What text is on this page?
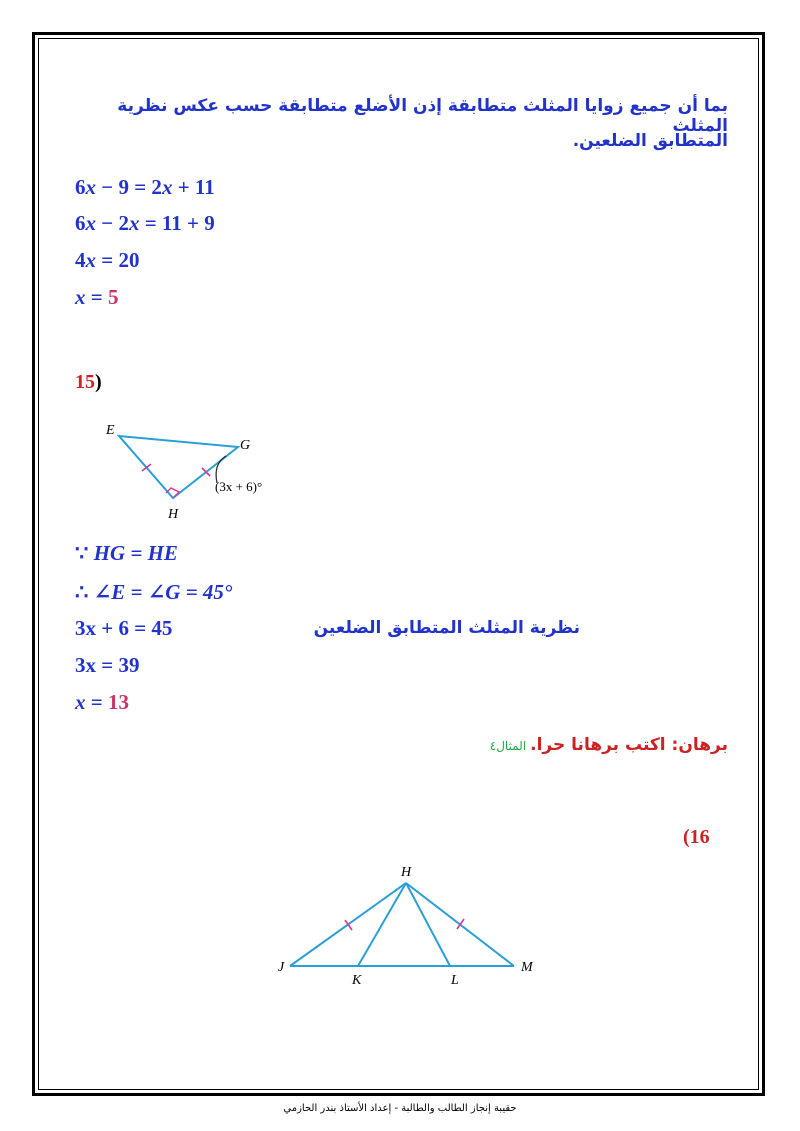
بما أن جميع زوايا المثلث متطابقة إذن الأضلع متطابقة حسب عكس نظرية المثلث
المتطابق الضلعين.
6x − 9 = 2x + 11
6x − 2x = 11 + 9
4x = 20
x = 5
15)
E
G
H
(3x + 6)°
∵ HG = HE
∴ ∠E = ∠G = 45°
3x + 6 = 45	نظرية المثلث المتطابق الضلعين
3x = 39
x = 13
برهان: اكتب برهانا حرا. المثال٤
(16
H
J
K	L
M
حقيبة إنجاز الطالب والطالبة - إعداد الأستاذ بندر الحازمي
